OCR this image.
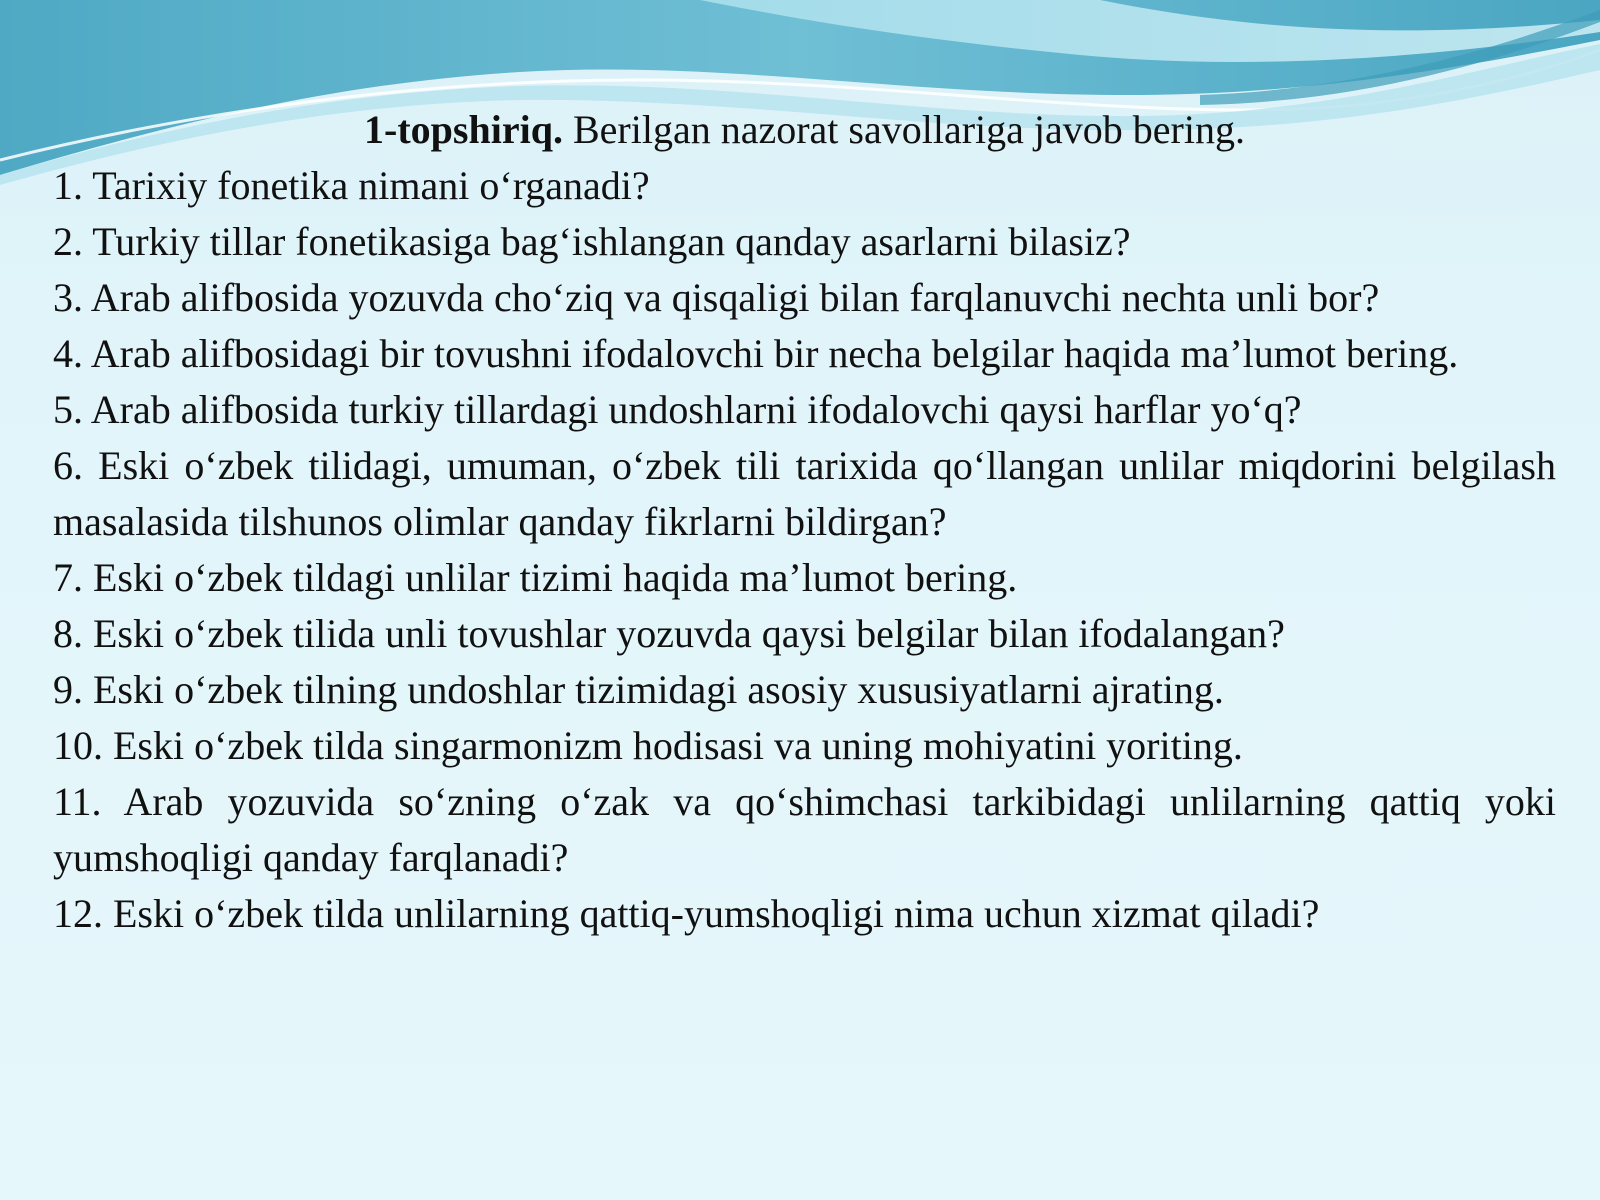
1-topshiriq. Berilgan nazorat savollariga javob bering.

1. Tarixiy fonetika nimani o‘rganadi?

2. Turkiy tillar fonetikasiga bag‘ishlangan qanday asarlarni bilasiz?

3. Arab alifbosida yozuvda cho‘ziq va qisqaligi bilan farqlanuvchi nechta unli bor?

4. Arab alifbosidagi bir tovushni ifodalovchi bir necha belgilar haqida ma’lumot bering.

5. Arab alifbosida turkiy tillardagi undoshlarni ifodalovchi qaysi harflar yo‘q?

6. Eski o‘zbek tilidagi, umuman, o‘zbek tili tarixida qo‘llangan unlilar miqdorini belgilash masalasida tilshunos olimlar qanday fikrlarni bildirgan?

7. Eski o‘zbek tildagi unlilar tizimi haqida ma’lumot bering.

8. Eski o‘zbek tilida unli tovushlar yozuvda qaysi belgilar bilan ifodalangan?

9. Eski o‘zbek tilning undoshlar tizimidagi asosiy xususiyatlarni ajrating.

10. Eski o‘zbek tilda singarmonizm hodisasi va uning mohiyatini yoriting.

11. Arab yozuvida so‘zning o‘zak va qo‘shimchasi tarkibidagi unlilarning qattiq yoki yumshoqligi qanday farqlanadi?

12. Eski o‘zbek tilda unlilarning qattiq-yumshoqligi nima uchun xizmat qiladi?
